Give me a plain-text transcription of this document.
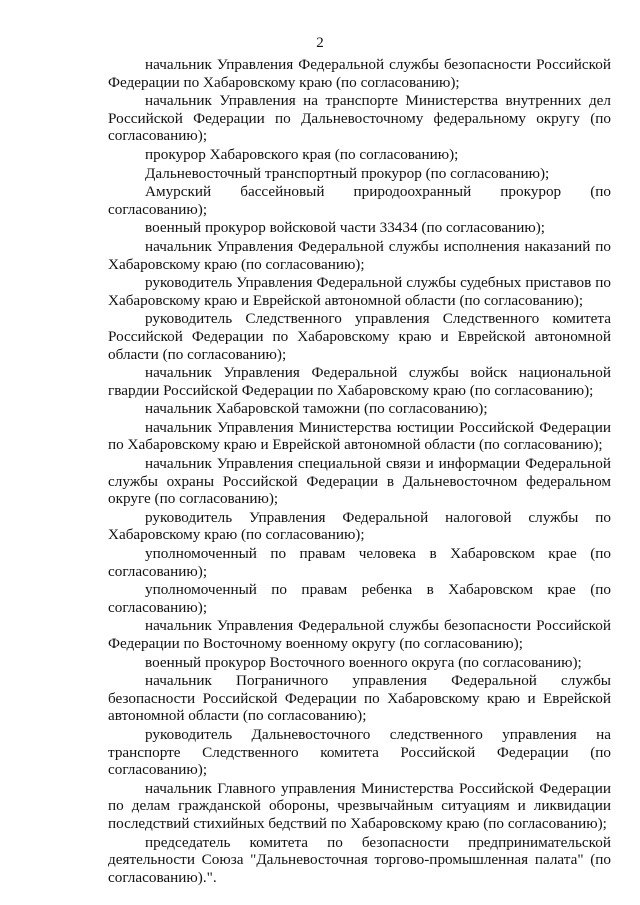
2

начальник Управления Федеральной службы безопасности Российской Федерации по Хабаровскому краю (по согласованию);

начальник Управления на транспорте Министерства внутренних дел Российской Федерации по Дальневосточному федеральному округу (по согласованию);

прокурор Хабаровского края (по согласованию);

Дальневосточный транспортный прокурор (по согласованию);

Амурский бассейновый природоохранный прокурор (по согласованию);

военный прокурор войсковой части 33434 (по согласованию);

начальник Управления Федеральной службы исполнения наказаний по Хабаровскому краю (по согласованию);

руководитель Управления Федеральной службы судебных приставов по Хабаровскому краю и Еврейской автономной области (по согласованию);

руководитель Следственного управления Следственного комитета Российской Федерации по Хабаровскому краю и Еврейской автономной области (по согласованию);

начальник Управления Федеральной службы войск национальной гвардии Российской Федерации по Хабаровскому краю (по согласованию);

начальник Хабаровской таможни (по согласованию);

начальник Управления Министерства юстиции Российской Федерации по Хабаровскому краю и Еврейской автономной области (по согласованию);

начальник Управления специальной связи и информации Федеральной службы охраны Российской Федерации в Дальневосточном федеральном округе (по согласованию);

руководитель Управления Федеральной налоговой службы по Хабаровскому краю (по согласованию);

уполномоченный по правам человека в Хабаровском крае (по согласованию);

уполномоченный по правам ребенка в Хабаровском крае (по согласованию);

начальник Управления Федеральной службы безопасности Российской Федерации по Восточному военному округу (по согласованию);

военный прокурор Восточного военного округа (по согласованию);

начальник Пограничного управления Федеральной службы безопасности Российской Федерации по Хабаровскому краю и Еврейской автономной области (по согласованию);

руководитель Дальневосточного следственного управления на транспорте Следственного комитета Российской Федерации (по согласованию);

начальник Главного управления Министерства Российской Федерации по делам гражданской обороны, чрезвычайным ситуациям и ликвидации последствий стихийных бедствий по Хабаровскому краю (по согласованию);

председатель комитета по безопасности предпринимательской деятельности Союза "Дальневосточная торгово-промышленная палата" (по согласованию).".
